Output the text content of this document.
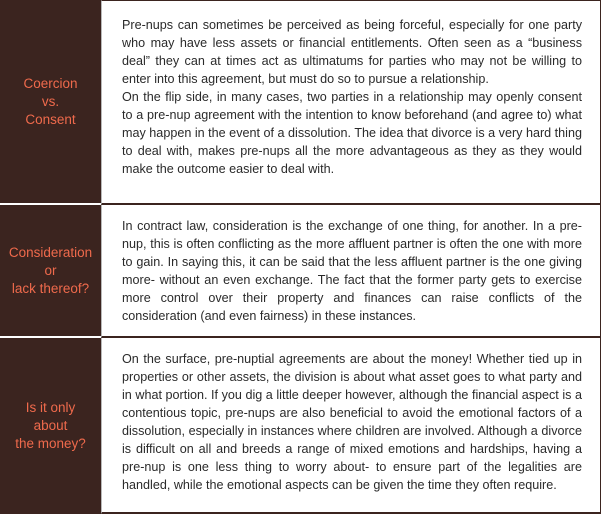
Coercion
vs.
Consent

Pre-nups can sometimes be perceived as being forceful, especially for one party who may have less assets or financial entitlements. Often seen as a “business deal” they can at times act as ultimatums for parties who may not be willing to enter into this agreement, but must do so to pursue a relationship.

On the flip side, in many cases, two parties in a relationship may openly consent to a pre-nup agreement with the intention to know beforehand (and agree to) what may happen in the event of a dissolution. The idea that divorce is a very hard thing to deal with, makes pre-nups all the more advantageous as they as they would make the outcome easier to deal with.

Consideration
or
lack thereof?

In contract law, consideration is the exchange of one thing, for another. In a pre-nup, this is often conflicting as the more affluent partner is often the one with more to gain. In saying this, it can be said that the less affluent partner is the one giving more- without an even exchange. The fact that the former party gets to exercise more control over their property and finances can raise conflicts of the consideration (and even fairness) in these instances.

Is it only
about
the money?

On the surface, pre-nuptial agreements are about the money! Whether tied up in properties or other assets, the division is about what asset goes to what party and in what portion. If you dig a little deeper however, although the financial aspect is a contentious topic, pre-nups are also beneficial to avoid the emotional factors of a dissolution, especially in instances where children are involved. Although a divorce is difficult on all and breeds a range of mixed emotions and hardships, having a pre-nup is one less thing to worry about- to ensure part of the legalities are handled, while the emotional aspects can be given the time they often require.
